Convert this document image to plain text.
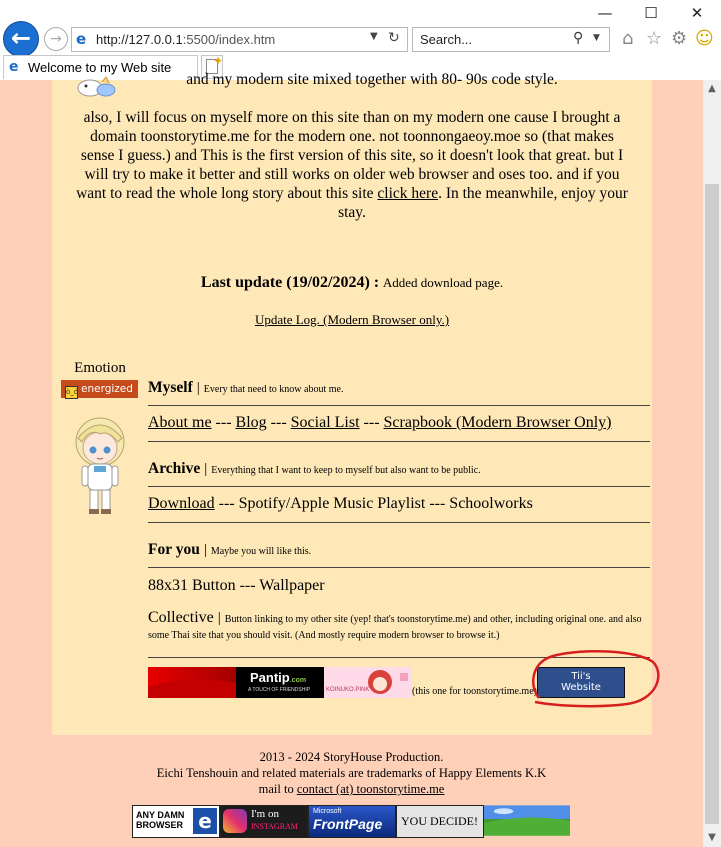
—	☐	✕
←	→ e http://127.0.0.1:5500/index.htm	▼ ↻ Search...	⚲ ▼ ⌂ ☆ ⚙ ☺
e Welcome to my Web site	✦
and my modern site mixed together with 80- 90s code style.
also, I will focus on myself more on this site than on my modern one cause I brought a domain toonstorytime.me for the modern one. not toonnongaeoy.moe so (that makes sense I guess.) and This is the first version of this site, so it doesn't look that great. but I will try to make it better and still works on older web browser and oses too. and if you want to read the whole long story about this site click here. In the meanwhile, enjoy your stay.
Last update (19/02/2024) : Added download page.
Update Log. (Modern Browser only.)
Emotion
ò_ó energized Myself | Every that need to know about me.
About me --- Blog --- Social List --- Scrapbook (Modern Browser Only)
Archive | Everything that I want to keep to myself but also want to be public.
Download --- Spotify/Apple Music Playlist --- Schoolworks
For you | Maybe you will like this.
88x31 Button --- Wallpaper
Collective | Button linking to my other site (yep! that's toonstorytime.me) and other, including original one. and also some Thai site that you should visit. (And mostly require modern browser to browse it.)
Pantip.com
A TOUCH OF FRIENDSHIP	KOINUKO.PINK	(this one for toonstorytime.me)
Tii's
Website
2013 - 2024 StoryHouse Production.
Eichi Tenshouin and related materials are trademarks of Happy Elements K.K
mail to contact (at) toonstorytime.me
ANY DAMN
BROWSER e	I'm on
INSTAGRAM
Microsoft
FrontPage YOU DECIDE!
▲
▼
